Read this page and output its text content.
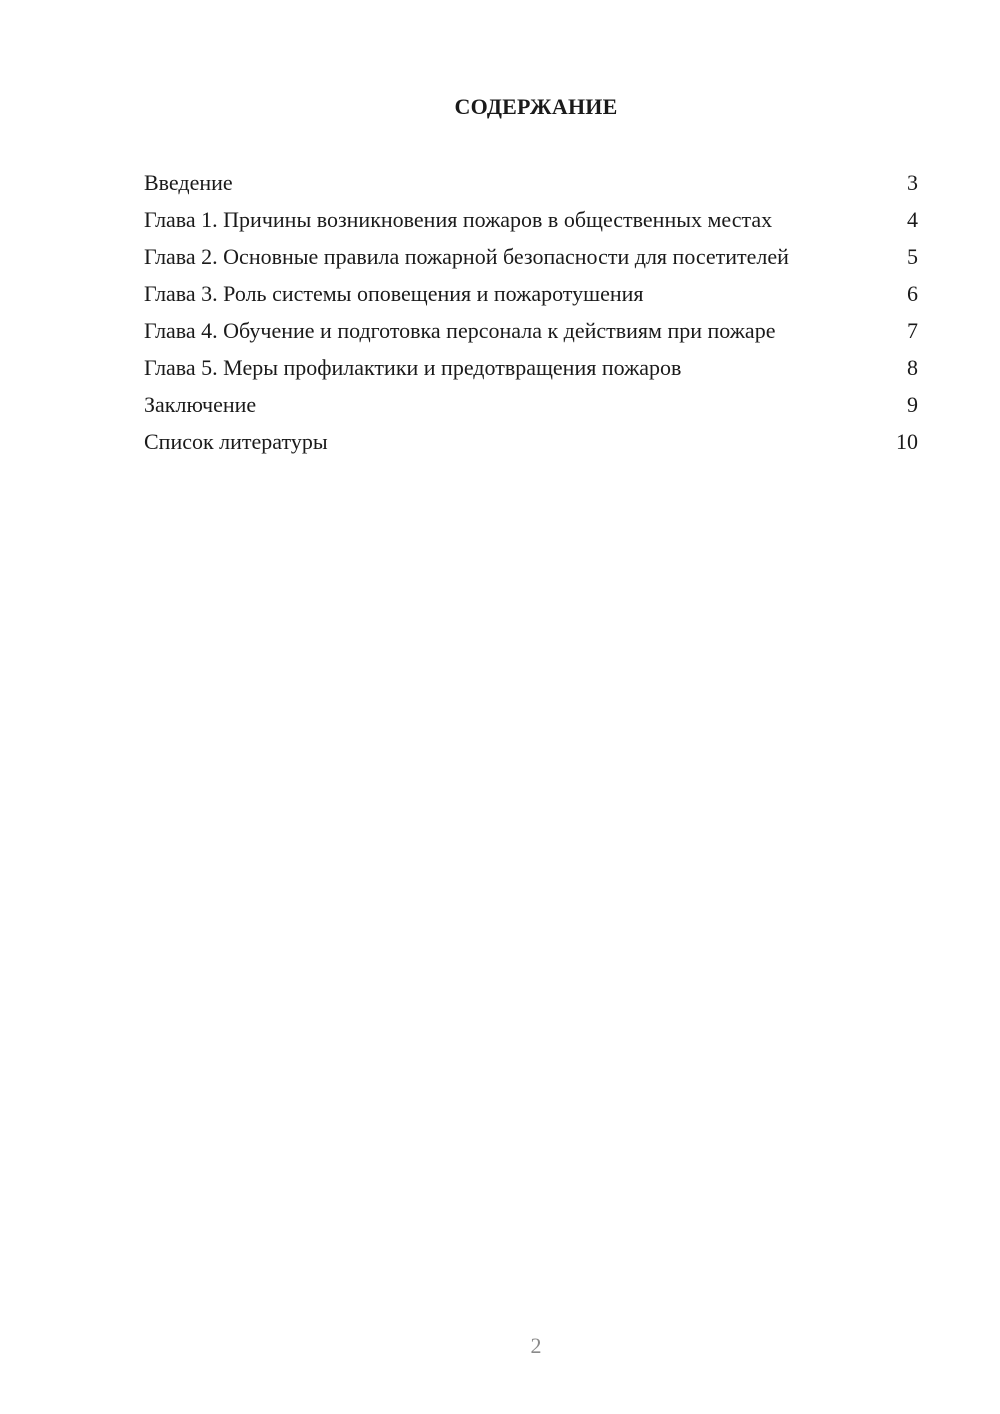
СОДЕРЖАНИЕ
Введение	3
Глава 1. Причины возникновения пожаров в общественных местах	4
Глава 2. Основные правила пожарной безопасности для посетителей	5
Глава 3. Роль системы оповещения и пожаротушения	6
Глава 4. Обучение и подготовка персонала к действиям при пожаре	7
Глава 5. Меры профилактики и предотвращения пожаров	8
Заключение	9
Список литературы	10
2
